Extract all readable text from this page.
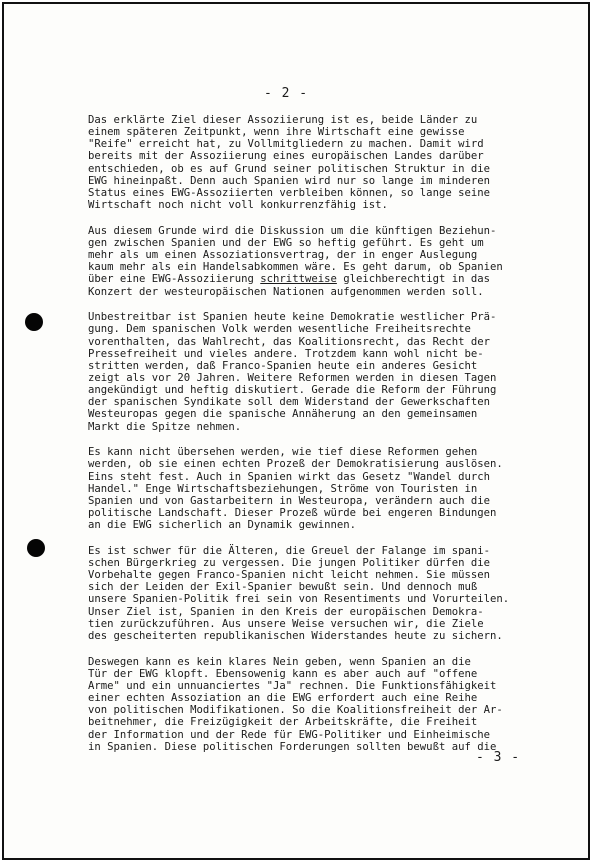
- 2 -
Das erklärte Ziel dieser Assoziierung ist es, beide Länder zu
einem späteren Zeitpunkt, wenn ihre Wirtschaft eine gewisse
"Reife" erreicht hat, zu Vollmitgliedern zu machen. Damit wird
bereits mit der Assoziierung eines europäischen Landes darüber
entschieden, ob es auf Grund seiner politischen Struktur in die
EWG hineinpaßt. Denn auch Spanien wird nur so lange im minderen
Status eines EWG-Assoziierten verbleiben können, so lange seine
Wirtschaft noch nicht voll konkurrenzfähig ist.
Aus diesem Grunde wird die Diskussion um die künftigen Beziehun-
gen zwischen Spanien und der EWG so heftig geführt. Es geht um
mehr als um einen Assoziationsvertrag, der in enger Auslegung
kaum mehr als ein Handelsabkommen wäre. Es geht darum, ob Spanien
über eine EWG-Assoziierung schrittweise gleichberechtigt in das
Konzert der westeuropäischen Nationen aufgenommen werden soll.
Unbestreitbar ist Spanien heute keine Demokratie westlicher Prä-
gung. Dem spanischen Volk werden wesentliche Freiheitsrechte
vorenthalten, das Wahlrecht, das Koalitionsrecht, das Recht der
Pressefreiheit und vieles andere. Trotzdem kann wohl nicht be-
stritten werden, daß Franco-Spanien heute ein anderes Gesicht
zeigt als vor 20 Jahren. Weitere Reformen werden in diesen Tagen
angekündigt und heftig diskutiert. Gerade die Reform der Führung
der spanischen Syndikate soll dem Widerstand der Gewerkschaften
Westeuropas gegen die spanische Annäherung an den gemeinsamen
Markt die Spitze nehmen.
Es kann nicht übersehen werden, wie tief diese Reformen gehen
werden, ob sie einen echten Prozeß der Demokratisierung auslösen.
Eins steht fest. Auch in Spanien wirkt das Gesetz "Wandel durch
Handel." Enge Wirtschaftsbeziehungen, Ströme von Touristen in
Spanien und von Gastarbeitern in Westeuropa, verändern auch die
politische Landschaft. Dieser Prozeß würde bei engeren Bindungen
an die EWG sicherlich an Dynamik gewinnen.
Es ist schwer für die Älteren, die Greuel der Falange im spani-
schen Bürgerkrieg zu vergessen. Die jungen Politiker dürfen die
Vorbehalte gegen Franco-Spanien nicht leicht nehmen. Sie müssen
sich der Leiden der Exil-Spanier bewußt sein. Und dennoch muß
unsere Spanien-Politik frei sein von Resentiments und Vorurteilen.
Unser Ziel ist, Spanien in den Kreis der europäischen Demokra-
tien zurückzuführen. Aus unsere Weise versuchen wir, die Ziele
des gescheiterten republikanischen Widerstandes heute zu sichern.
Deswegen kann es kein klares Nein geben, wenn Spanien an die
Tür der EWG klopft. Ebensowenig kann es aber auch auf "offene
Arme" und ein unnuanciertes "Ja" rechnen. Die Funktionsfähigkeit
einer echten Assoziation an die EWG erfordert auch eine Reihe
von politischen Modifikationen. So die Koalitionsfreiheit der Ar-
beitnehmer, die Freizügigkeit der Arbeitskräfte, die Freiheit
der Information und der Rede für EWG-Politiker und Einheimische
in Spanien. Diese politischen Forderungen sollten bewußt auf die
- 3 -
